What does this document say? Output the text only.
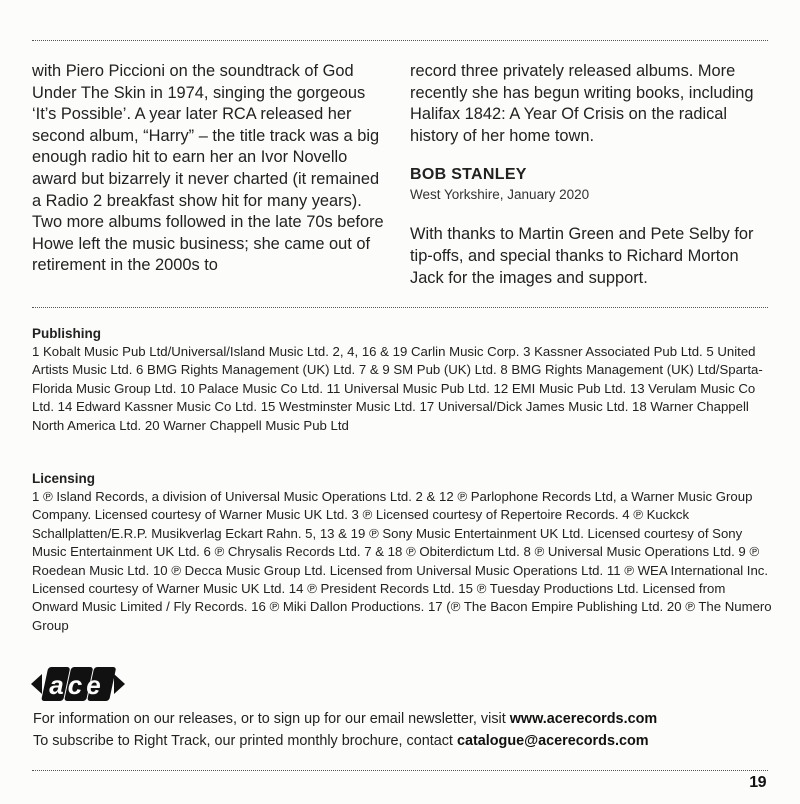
with Piero Piccioni on the soundtrack of God Under The Skin in 1974, singing the gorgeous ‘It’s Possible’. A year later RCA released her second album, “Harry” – the title track was a big enough radio hit to earn her an Ivor Novello award but bizarrely it never charted (it remained a Radio 2 breakfast show hit for many years). Two more albums followed in the late 70s before Howe left the music business; she came out of retirement in the 2000s to

record three privately released albums. More recently she has begun writing books, including Halifax 1842: A Year Of Crisis on the radical history of her home town.

BOB STANLEY

West Yorkshire, January 2020

With thanks to Martin Green and Pete Selby for tip-offs, and special thanks to Richard Morton Jack for the images and support.

Publishing

1 Kobalt Music Pub Ltd/Universal/Island Music Ltd. 2, 4, 16 & 19 Carlin Music Corp. 3 Kassner Associated Pub Ltd. 5 United Artists Music Ltd. 6 BMG Rights Management (UK) Ltd. 7 & 9 SM Pub (UK) Ltd. 8 BMG Rights Management (UK) Ltd/Sparta-Florida Music Group Ltd. 10 Palace Music Co Ltd. 11 Universal Music Pub Ltd. 12 EMI Music Pub Ltd. 13 Verulam Music Co Ltd. 14 Edward Kassner Music Co Ltd. 15 Westminster Music Ltd. 17 Universal/Dick James Music Ltd. 18 Warner Chappell North America Ltd. 20 Warner Chappell Music Pub Ltd

Licensing

1 ℗ Island Records, a division of Universal Music Operations Ltd. 2 & 12 ℗ Parlophone Records Ltd, a Warner Music Group Company. Licensed courtesy of Warner Music UK Ltd. 3 ℗ Licensed courtesy of Repertoire Records. 4 ℗ Kuckck Schallplatten/E.R.P. Musikverlag Eckart Rahn. 5, 13 & 19 ℗ Sony Music Entertainment UK Ltd. Licensed courtesy of Sony Music Entertainment UK Ltd. 6 ℗ Chrysalis Records Ltd. 7 & 18 ℗ Obiterdictum Ltd. 8 ℗ Universal Music Operations Ltd. 9 ℗ Roedean Music Ltd. 10 ℗ Decca Music Group Ltd. Licensed from Universal Music Operations Ltd. 11 ℗ WEA International Inc. Licensed courtesy of Warner Music UK Ltd. 14 ℗ President Records Ltd. 15 ℗ Tuesday Productions Ltd. Licensed from Onward Music Limited / Fly Records. 16 ℗ Miki Dallon Productions. 17 (℗ The Bacon Empire Publishing Ltd. 20 ℗ The Numero Group

ace
For information on our releases, or to sign up for our email newsletter, visit www.acerecords.com
To subscribe to Right Track, our printed monthly brochure, contact catalogue@acerecords.com
19
